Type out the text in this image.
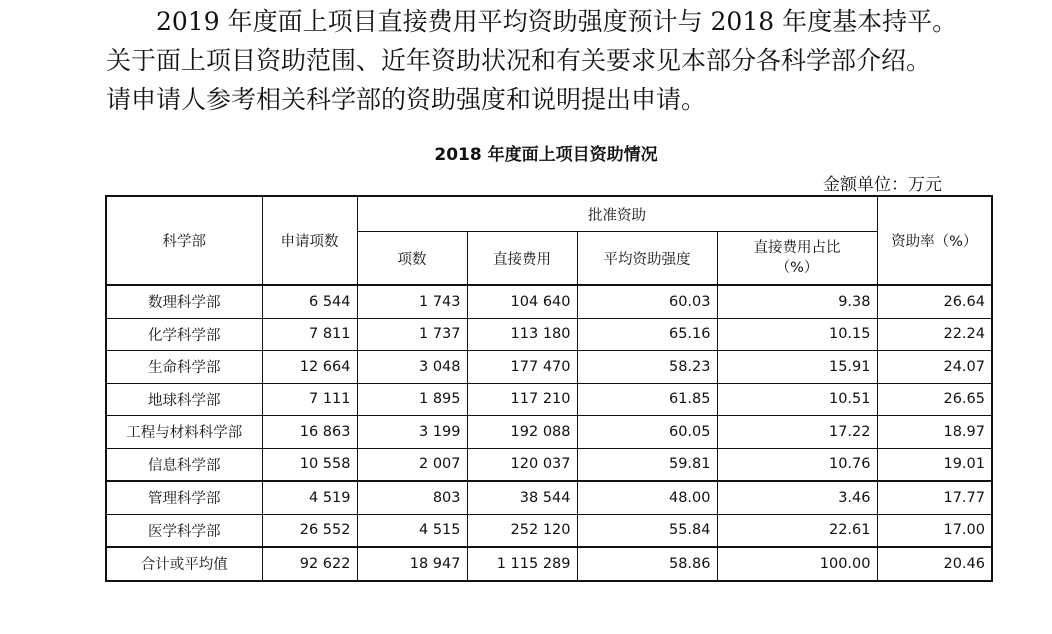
2019 年度面上项目直接费用平均资助强度预计与 2018 年度基本持平。
关于面上项目资助范围、近年资助状况和有关要求见本部分各科学部介绍。
请申请人参考相关科学部的资助强度和说明提出申请。
2018 年度面上项目资助情况
金额单位：万元
科学部	申请项数	批准资助				资助率（%）
		项数	直接费用	平均资助强度	直接费用占比（%）	
数理科学部	6 544	1 743	104 640	60.03	9.38	26.64
化学科学部	7 811	1 737	113 180	65.16	10.15	22.24
生命科学部	12 664	3 048	177 470	58.23	15.91	24.07
地球科学部	7 111	1 895	117 210	61.85	10.51	26.65
工程与材料科学部	16 863	3 199	192 088	60.05	17.22	18.97
信息科学部	10 558	2 007	120 037	59.81	10.76	19.01
管理科学部	4 519	803	38 544	48.00	3.46	17.77
医学科学部	26 552	4 515	252 120	55.84	22.61	17.00
合计或平均值	92 622	18 947	1 115 289	58.86	100.00	20.46
